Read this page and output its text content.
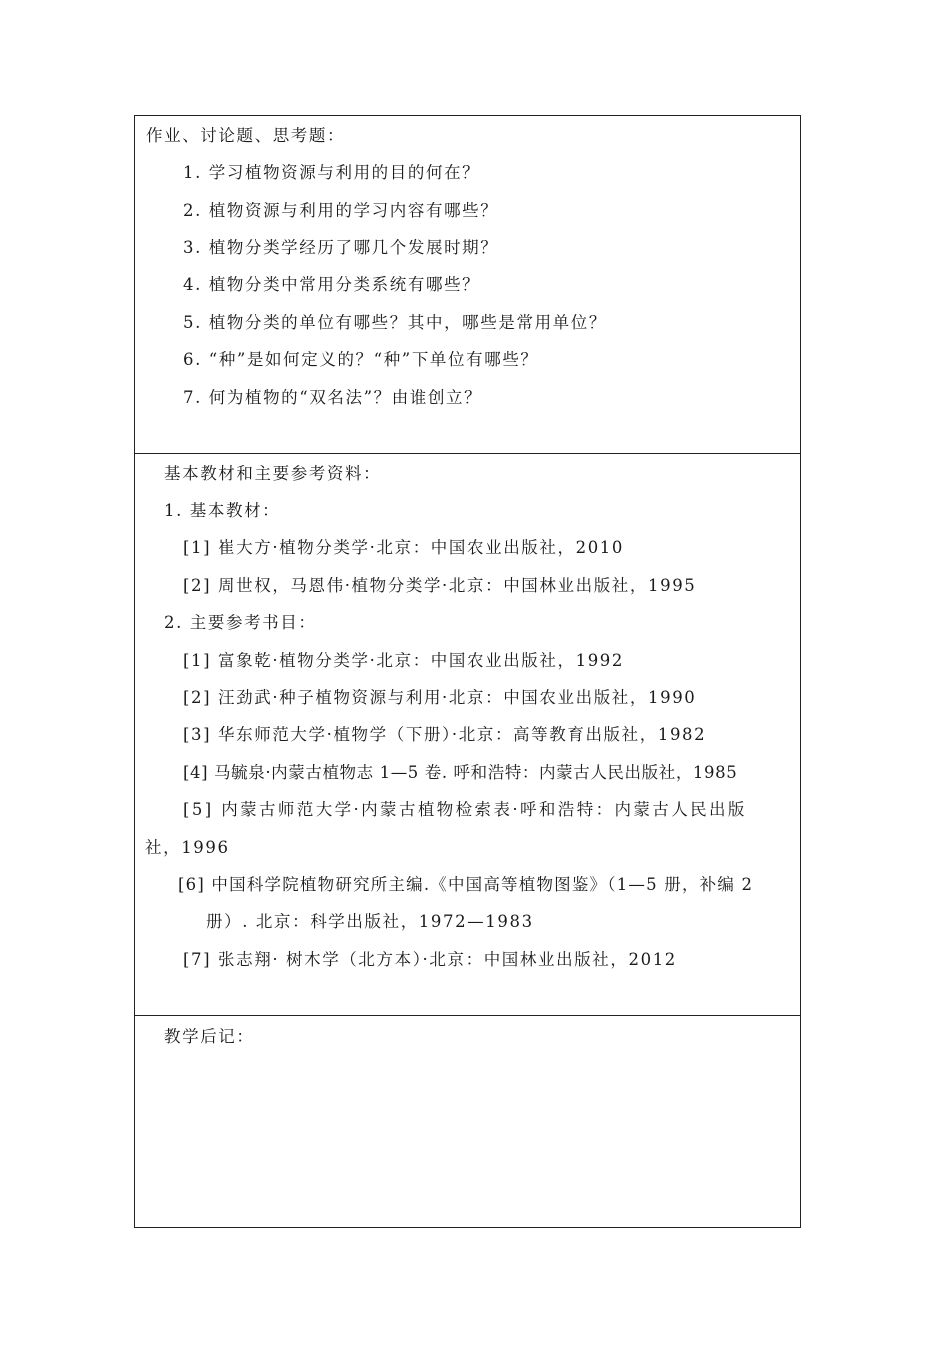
作业、讨论题、思考题：
1. 学习植物资源与利用的目的何在？
2. 植物资源与利用的学习内容有哪些？
3. 植物分类学经历了哪几个发展时期？
4. 植物分类中常用分类系统有哪些？
5. 植物分类的单位有哪些？其中，哪些是常用单位？
6. “种”是如何定义的？“种”下单位有哪些？
7. 何为植物的“双名法”？由谁创立？
基本教材和主要参考资料：
1. 基本教材：
[1] 崔大方·植物分类学·北京：中国农业出版社，2010
[2] 周世权，马恩伟·植物分类学·北京：中国林业出版社，1995
2. 主要参考书目：
[1] 富象乾·植物分类学·北京：中国农业出版社，1992
[2] 汪劲武·种子植物资源与利用·北京：中国农业出版社，1990
[3] 华东师范大学·植物学（下册）·北京：高等教育出版社，1982
[4] 马毓泉·内蒙古植物志 1—5 卷. 呼和浩特：内蒙古人民出版社，1985
[5] 内蒙古师范大学·内蒙古植物检索表·呼和浩特：内蒙古人民出版
社，1996
[6] 中国科学院植物研究所主编.《中国高等植物图鉴》（1—5 册，补编 2
册）. 北京：科学出版社，1972—1983
[7] 张志翔· 树木学（北方本）·北京：中国林业出版社，2012
教学后记：
